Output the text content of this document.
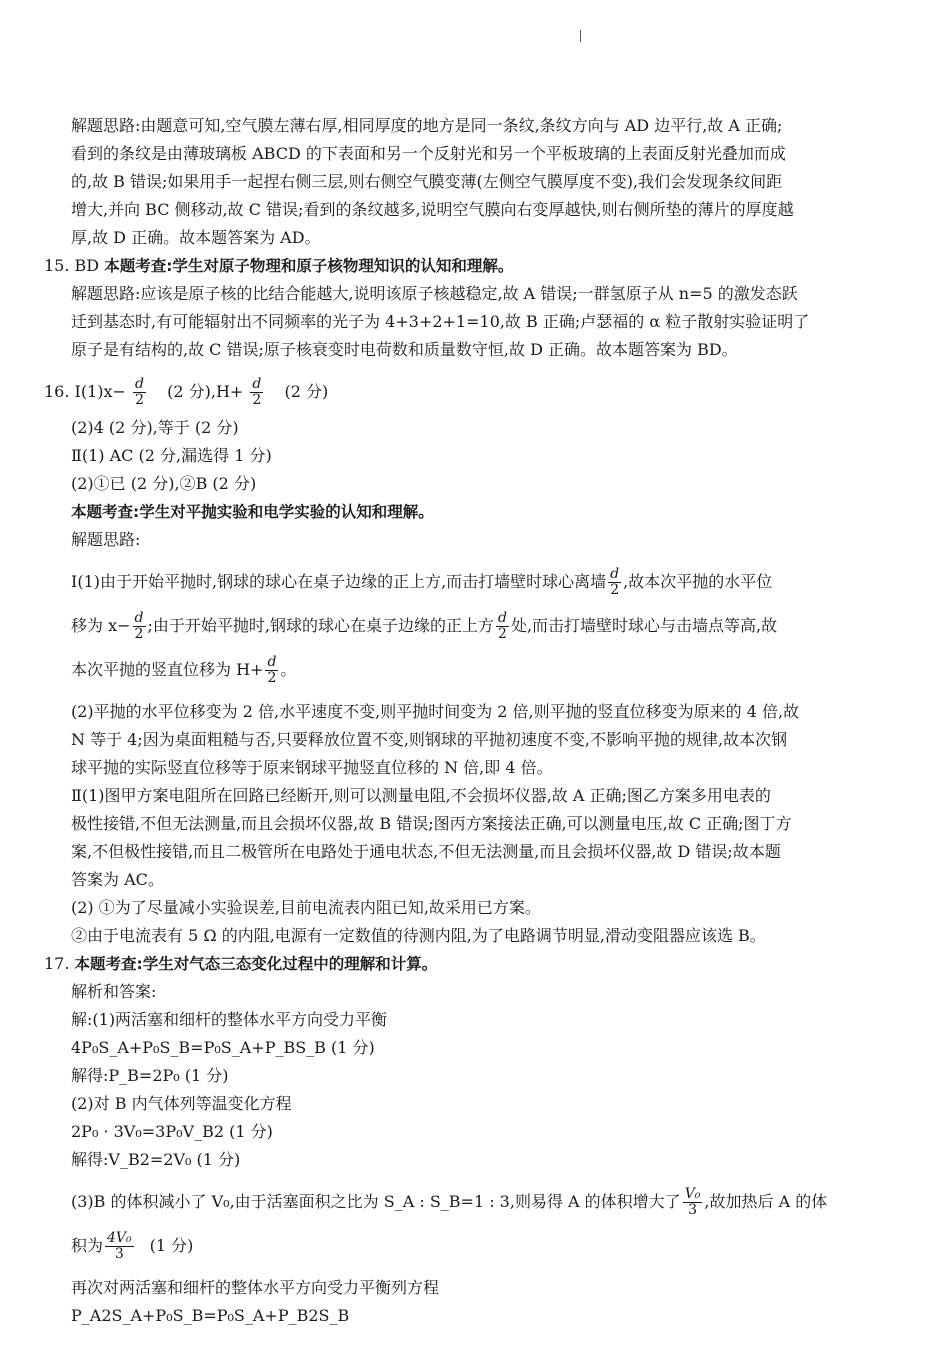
解题思路:由题意可知,空气膜左薄右厚,相同厚度的地方是同一条纹,条纹方向与 AD 边平行,故 A 正确;
看到的条纹是由薄玻璃板 ABCD 的下表面和另一个反射光和另一个平板玻璃的上表面反射光叠加而成
的,故 B 错误;如果用手一起捏右侧三层,则右侧空气膜变薄(左侧空气膜厚度不变),我们会发现条纹间距
增大,并向 BC 侧移动,故 C 错误;看到的条纹越多,说明空气膜向右变厚越快,则右侧所垫的薄片的厚度越
厚,故 D 正确。故本题答案为 AD。
15. BD 本题考查:学生对原子物理和原子核物理知识的认知和理解。
解题思路:应该是原子核的比结合能越大,说明该原子核越稳定,故 A 错误;一群氢原子从 n=5 的激发态跃
迁到基态时,有可能辐射出不同频率的光子为 4+3+2+1=10,故 B 正确;卢瑟福的 α 粒子散射实验证明了
原子是有结构的,故 C 错误;原子核衰变时电荷数和质量数守恒,故 D 正确。故本题答案为 BD。
16. Ⅰ(1)x− $\frac{d}{2} (2$ 分)$,H+ \frac{d}{2} (2$ 分)
(2)4 (2 分),等于 (2 分)
Ⅱ(1) AC (2 分,漏选得 1 分)
(2)①已 (2 分),②B (2 分)
本题考查:学生对平抛实验和电学实验的认知和理解。
解题思路:
Ⅰ(1)由于开始平抛时,钢球的球心在桌子边缘的正上方,而击打墙壁时球心离墙 $\frac{d}{2}$ ,故本次平抛的水平位
移为 $x- \frac{d}{2}$ ;由于开始平抛时,钢球的球心在桌子边缘的正上方 $\frac{d}{2}$ 处,而击打墙壁时球心与击墙点等高,故
本次平抛的竖直位移为 $H+ \frac{d}{2}$ 。
(2)平抛的水平位移变为 2 倍,水平速度不变,则平抛时间变为 2 倍,则平抛的竖直位移变为原来的 4 倍,故
N 等于 4;因为桌面粗糙与否,只要释放位置不变,则钢球的平抛初速度不变,不影响平抛的规律,故本次钢
球平抛的实际竖直位移等于原来钢球平抛竖直位移的 N 倍,即 4 倍。
Ⅱ(1)图甲方案电阻所在回路已经断开,则可以测量电阻,不会损坏仪器,故 A 正确;图乙方案多用电表的
极性接错,不但无法测量,而且会损坏仪器,故 B 错误;图丙方案接法正确,可以测量电压,故 C 正确;图丁方
案,不但极性接错,而且二极管所在电路处于通电状态,不但无法测量,而且会损坏仪器,故 D 错误;故本题
答案为 AC。
(2) ①为了尽量减小实验误差,目前电流表内阻已知,故采用已方案。
②由于电流表有 5 Ω 的内阻,电源有一定数值的待测内阻,为了电路调节明显,滑动变阻器应该选 B。
17. 本题考查:学生对气态三态变化过程中的理解和计算。
解析和答案:
解:(1)两活塞和细杆的整体水平方向受力平衡
4P₀S_A+P₀S_B=P₀S_A+P_BS_B (1 分)
解得:P_B=2P₀ (1 分)
(2)对 B 内气体列等温变化方程
2P₀ · 3V₀=3P₀V_B2 (1 分)
解得:V_B2=2V₀ (1 分)
(3)B 的体积减小了 V₀,由于活塞面积之比为 S_A : S_B=1 : 3,则易得 A 的体积增大了 $\frac{\text{V₀}}{3}$ ,故加热后 A 的体
积为 $\frac{\text{4V₀}}{3} (1$ 分)
再次对两活塞和细杆的整体水平方向受力平衡列方程
P_A2S_A+P₀S_B=P₀S_A+P_B2S_B
